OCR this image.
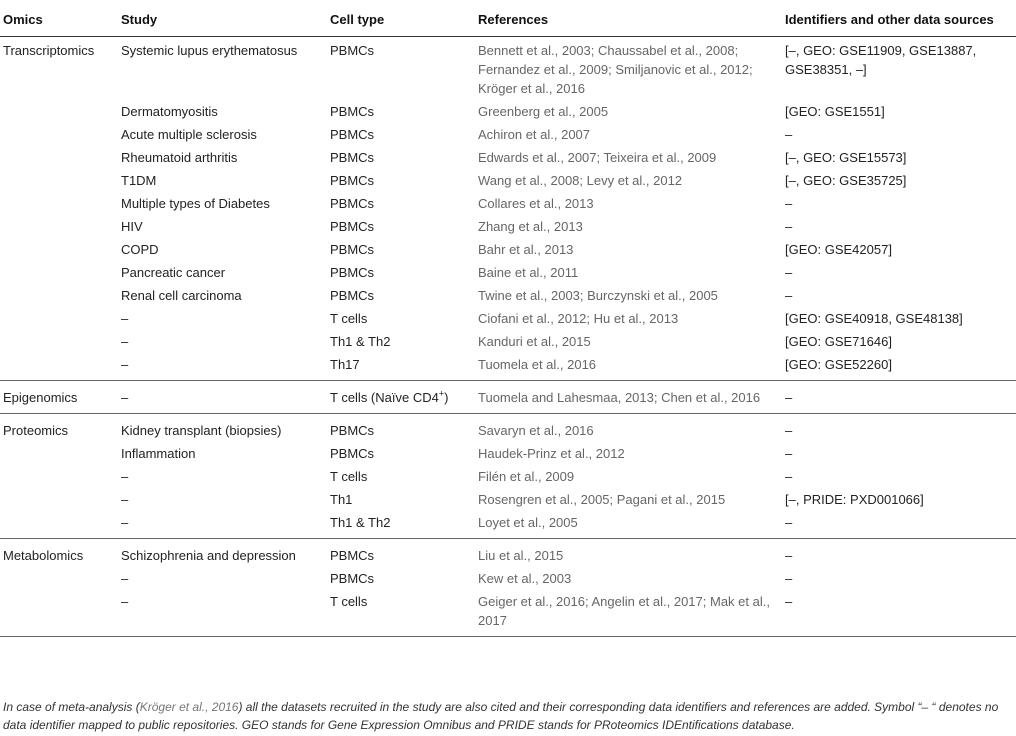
Omics	Study	Cell type	References	Identifiers and other data sources
Transcriptomics	Systemic lupus erythematosus	PBMCs	Bennett et al., 2003; Chaussabel et al., 2008; Fernandez et al., 2009; Smiljanovic et al., 2012; Kröger et al., 2016	[–, GEO: GSE11909, GSE13887, GSE38351, –]
	Dermatomyositis	PBMCs	Greenberg et al., 2005	[GEO: GSE1551]
	Acute multiple sclerosis	PBMCs	Achiron et al., 2007	–
	Rheumatoid arthritis	PBMCs	Edwards et al., 2007; Teixeira et al., 2009	[–, GEO: GSE15573]
	T1DM	PBMCs	Wang et al., 2008; Levy et al., 2012	[–, GEO: GSE35725]
	Multiple types of Diabetes	PBMCs	Collares et al., 2013	–
	HIV	PBMCs	Zhang et al., 2013	–
	COPD	PBMCs	Bahr et al., 2013	[GEO: GSE42057]
	Pancreatic cancer	PBMCs	Baine et al., 2011	–
	Renal cell carcinoma	PBMCs	Twine et al., 2003; Burczynski et al., 2005	–
	–	T cells	Ciofani et al., 2012; Hu et al., 2013	[GEO: GSE40918, GSE48138]
	–	Th1 & Th2	Kanduri et al., 2015	[GEO: GSE71646]
	–	Th17	Tuomela et al., 2016	[GEO: GSE52260]
Epigenomics	–	T cells (Naïve CD4+)	Tuomela and Lahesmaa, 2013; Chen et al., 2016	–
Proteomics	Kidney transplant (biopsies)	PBMCs	Savaryn et al., 2016	–
	Inflammation	PBMCs	Haudek-Prinz et al., 2012	–
	–	T cells	Filén et al., 2009	–
	–	Th1	Rosengren et al., 2005; Pagani et al., 2015	[–, PRIDE: PXD001066]
	–	Th1 & Th2	Loyet et al., 2005	–
Metabolomics	Schizophrenia and depression	PBMCs	Liu et al., 2015	–
	–	PBMCs	Kew et al., 2003	–
	–	T cells	Geiger et al., 2016; Angelin et al., 2017; Mak et al., 2017	–
In case of meta-analysis (Kröger et al., 2016) all the datasets recruited in the study are also cited and their corresponding data identifiers and references are added. Symbol “– “ denotes no data identifier mapped to public repositories. GEO stands for Gene Expression Omnibus and PRIDE stands for PRoteomics IDEntifications database.
